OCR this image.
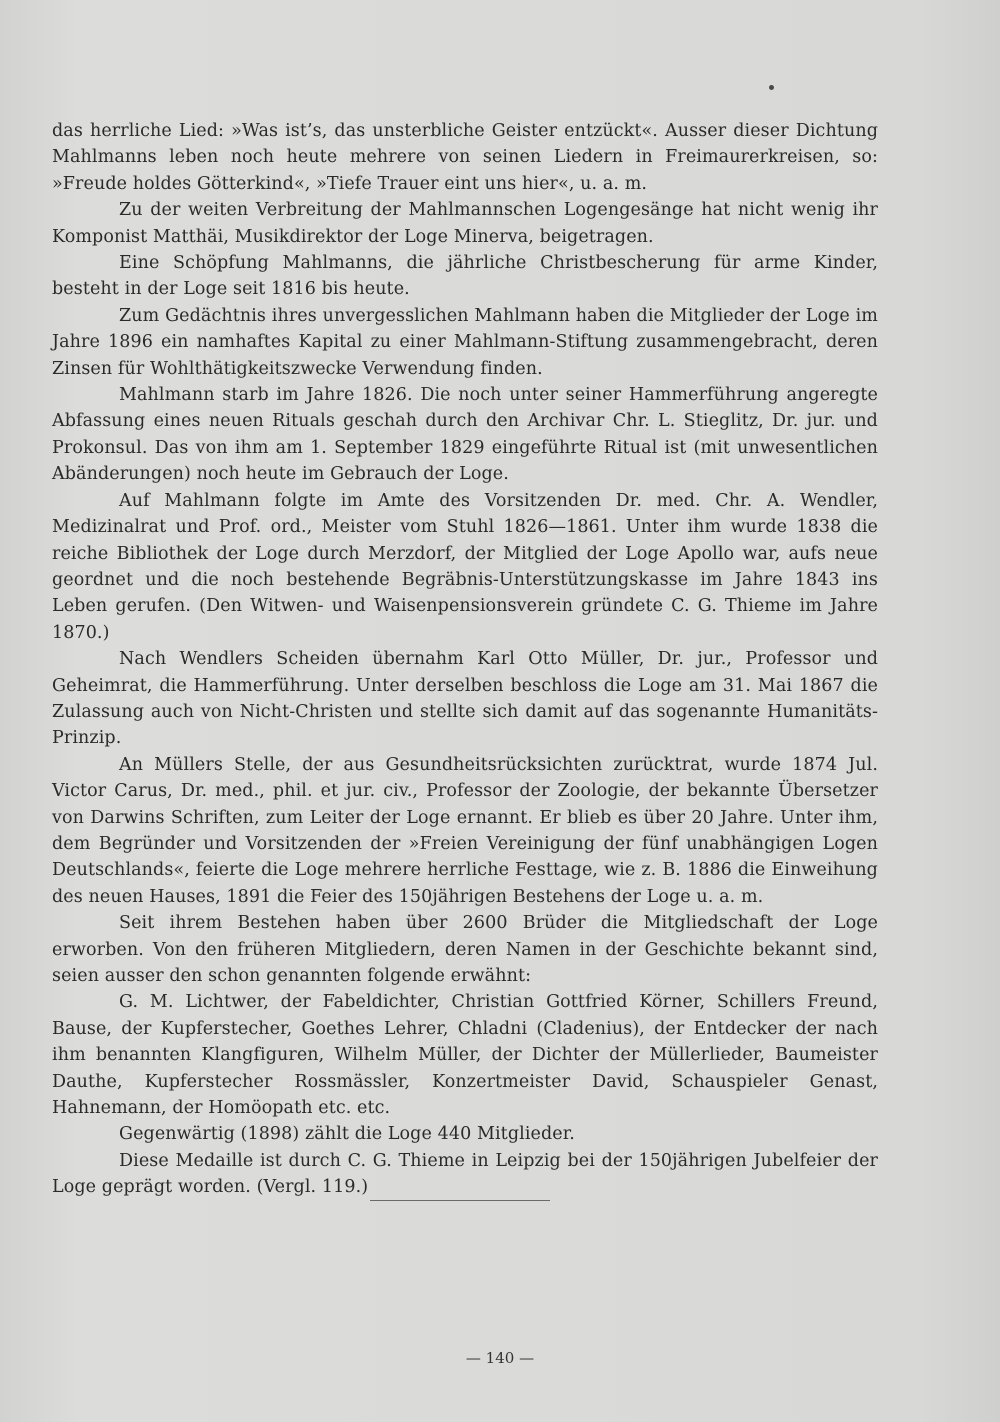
das herrliche Lied: »Was ist’s, das unsterbliche Geister entzückt«. Ausser dieser Dichtung Mahlmanns leben noch heute mehrere von seinen Liedern in Freimaurerkreisen, so: »Freude holdes Götterkind«, »Tiefe Trauer eint uns hier«, u. a. m.

Zu der weiten Verbreitung der Mahlmannschen Logengesänge hat nicht wenig ihr Komponist Matthäi, Musikdirektor der Loge Minerva, beigetragen.

Eine Schöpfung Mahlmanns, die jährliche Christbescherung für arme Kinder, besteht in der Loge seit 1816 bis heute.

Zum Gedächtnis ihres unvergesslichen Mahlmann haben die Mitglieder der Loge im Jahre 1896 ein namhaftes Kapital zu einer Mahlmann-Stiftung zusammengebracht, deren Zinsen für Wohlthätigkeitszwecke Verwendung finden.

Mahlmann starb im Jahre 1826. Die noch unter seiner Hammerführung angeregte Abfassung eines neuen Rituals geschah durch den Archivar Chr. L. Stieglitz, Dr. jur. und Prokonsul. Das von ihm am 1. September 1829 eingeführte Ritual ist (mit unwesentlichen Abänderungen) noch heute im Gebrauch der Loge.

Auf Mahlmann folgte im Amte des Vorsitzenden Dr. med. Chr. A. Wendler, Medizinalrat und Prof. ord., Meister vom Stuhl 1826—1861. Unter ihm wurde 1838 die reiche Bibliothek der Loge durch Merzdorf, der Mitglied der Loge Apollo war, aufs neue geordnet und die noch bestehende Begräbnis-Unterstützungskasse im Jahre 1843 ins Leben gerufen. (Den Witwen- und Waisenpensionsverein gründete C. G. Thieme im Jahre 1870.)

Nach Wendlers Scheiden übernahm Karl Otto Müller, Dr. jur., Professor und Geheimrat, die Hammerführung. Unter derselben beschloss die Loge am 31. Mai 1867 die Zulassung auch von Nicht-Christen und stellte sich damit auf das sogenannte Humanitäts-Prinzip.

An Müllers Stelle, der aus Gesundheitsrücksichten zurücktrat, wurde 1874 Jul. Victor Carus, Dr. med., phil. et jur. civ., Professor der Zoologie, der bekannte Übersetzer von Darwins Schriften, zum Leiter der Loge ernannt. Er blieb es über 20 Jahre. Unter ihm, dem Begründer und Vorsitzenden der »Freien Vereinigung der fünf unabhängigen Logen Deutschlands«, feierte die Loge mehrere herrliche Festtage, wie z. B. 1886 die Einweihung des neuen Hauses, 1891 die Feier des 150jährigen Bestehens der Loge u. a. m.

Seit ihrem Bestehen haben über 2600 Brüder die Mitgliedschaft der Loge erworben. Von den früheren Mitgliedern, deren Namen in der Geschichte bekannt sind, seien ausser den schon genannten folgende erwähnt:

G. M. Lichtwer, der Fabeldichter, Christian Gottfried Körner, Schillers Freund, Bause, der Kupferstecher, Goethes Lehrer, Chladni (Cladenius), der Entdecker der nach ihm benannten Klangfiguren, Wilhelm Müller, der Dichter der Müllerlieder, Baumeister Dauthe, Kupferstecher Rossmässler, Konzertmeister David, Schauspieler Genast, Hahnemann, der Homöopath etc. etc.

Gegenwärtig (1898) zählt die Loge 440 Mitglieder.

Diese Medaille ist durch C. G. Thieme in Leipzig bei der 150jährigen Jubelfeier der Loge geprägt worden. (Vergl. 119.)

— 140 —
